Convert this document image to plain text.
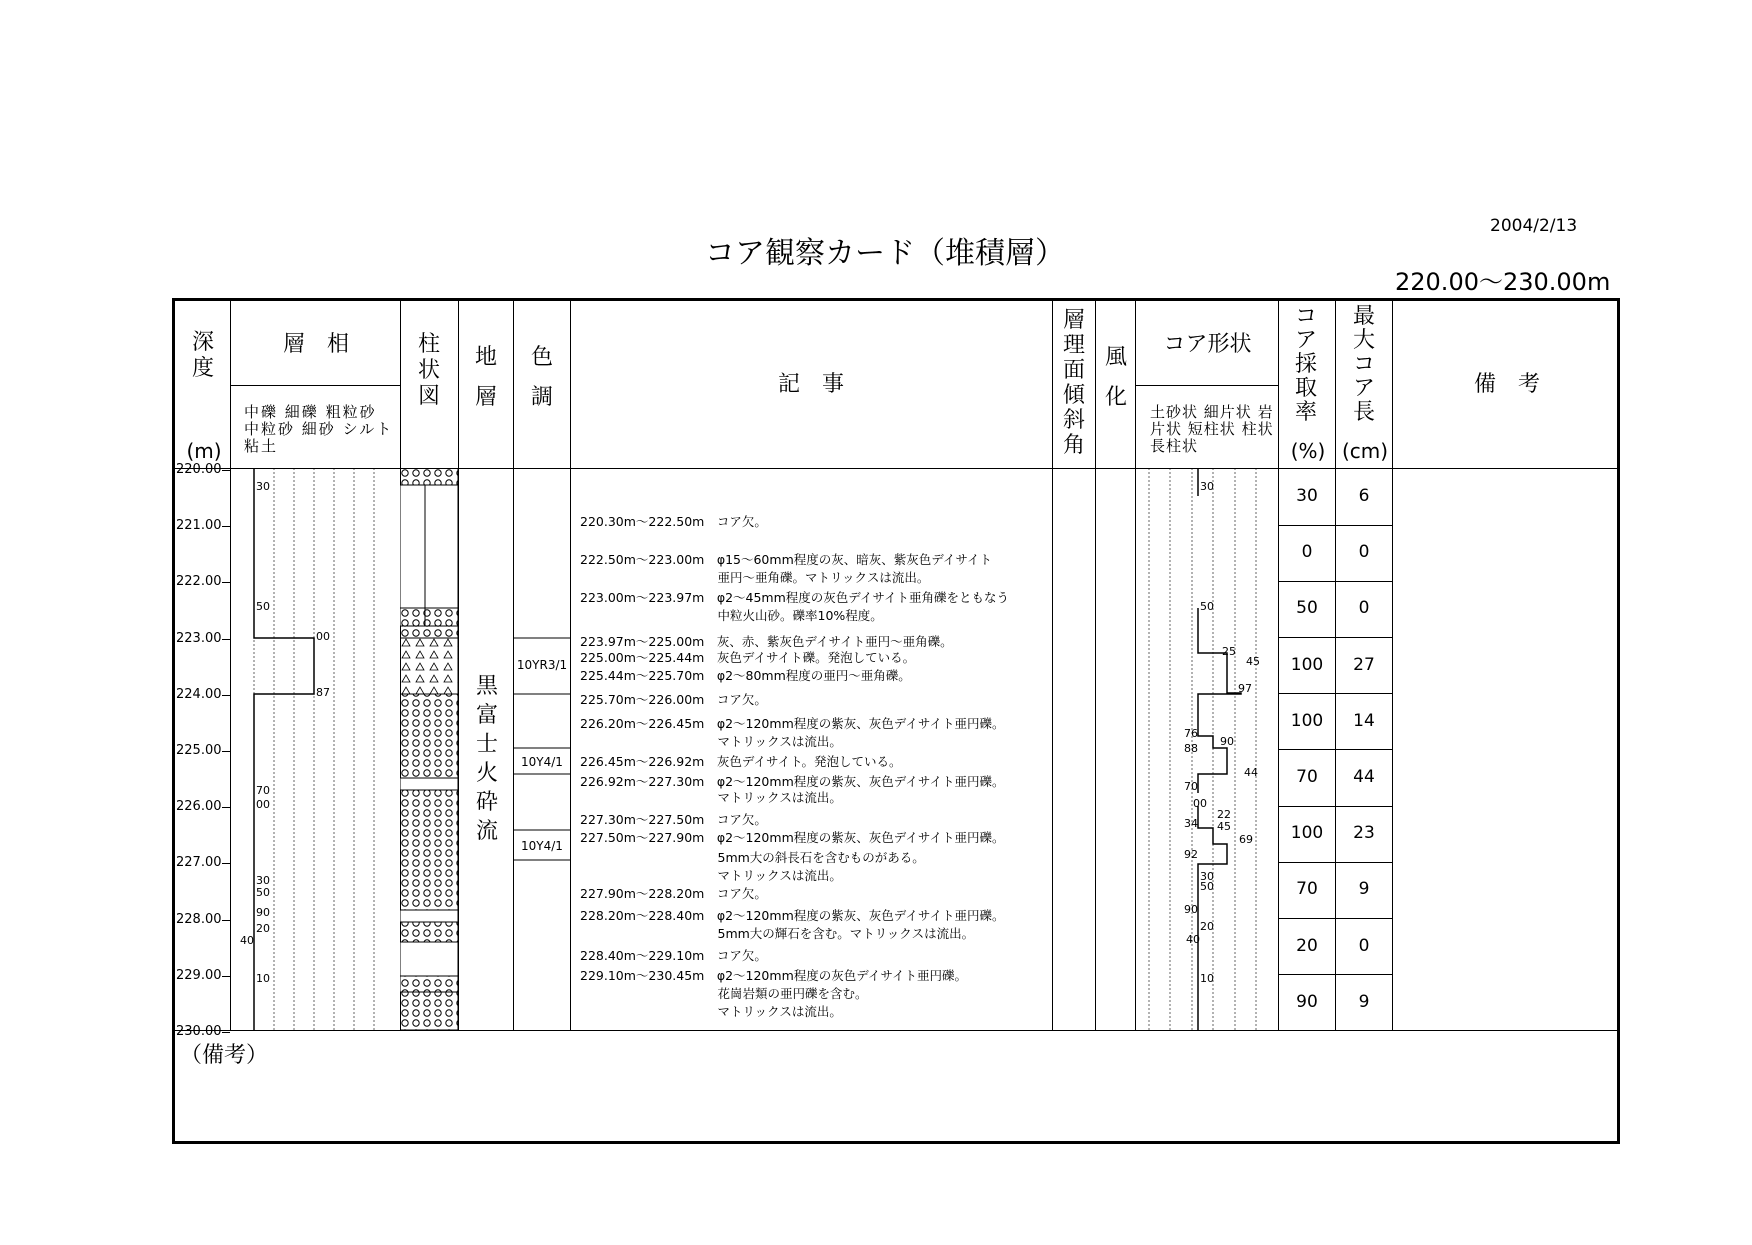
2004/2/13
コア観察カード（堆積層）
220.00～230.00m
深
度
(m)
層　相
中礫 細礫 粗粒砂 中粒砂 細砂 シルト 粘土
柱
状
図
地
層
色
調
記　事
層理面傾斜角
風
化
コア形状
土砂状 細片状 岩片状 短柱状 柱状 長柱状
コア採取率
(%)
最大コア長
(cm)
備　考
黒富士火砕流
10YR3/1
10Y4/1
10Y4/1
（備考）
220.00
221.00
222.00
223.00
224.00
225.00
226.00
227.00
228.00
229.00
230.00
220.30m～222.50m　コア欠。
222.50m～223.00m　φ15～60mm程度の灰、暗灰、紫灰色デイサイト
　　　　　　　　　　　亜円～亜角礫。マトリックスは流出。
223.00m～223.97m　φ2～45mm程度の灰色デイサイト亜角礫をともなう
　　　　　　　　　　　中粒火山砂。礫率10%程度。
223.97m～225.00m　灰、赤、紫灰色デイサイト亜円～亜角礫。
225.00m～225.44m　灰色デイサイト礫。発泡している。
225.44m～225.70m　φ2～80mm程度の亜円～亜角礫。
225.70m～226.00m　コア欠。
226.20m～226.45m　φ2～120mm程度の紫灰、灰色デイサイト亜円礫。
　　　　　　　　　　　マトリックスは流出。
226.45m～226.92m　灰色デイサイト。発泡している。
226.92m～227.30m　φ2～120mm程度の紫灰、灰色デイサイト亜円礫。
　　　　　　　　　　　マトリックスは流出。
227.30m～227.50m　コア欠。
227.50m～227.90m　φ2～120mm程度の紫灰、灰色デイサイト亜円礫。
　　　　　　　　　　　5mm大の斜長石を含むものがある。
　　　　　　　　　　　マトリックスは流出。
227.90m～228.20m　コア欠。
228.20m～228.40m　φ2～120mm程度の紫灰、灰色デイサイト亜円礫。
　　　　　　　　　　　5mm大の輝石を含む。マトリックスは流出。
228.40m～229.10m　コア欠。
229.10m～230.45m　φ2～120mm程度の灰色デイサイト亜円礫。
　　　　　　　　　　　花崗岩類の亜円礫を含む。
　　　　　　　　　　　マトリックスは流出。
30
0
50
100
100
70
100
70
20
90
6
0
0
27
14
44
23
9
0
9
30
50
00
87
70
00
30
50
90
20
40
10
30
50
25
45
97
76
90
88
44
70
00
22
34 45
69
92
30
50
90
20
40
10
